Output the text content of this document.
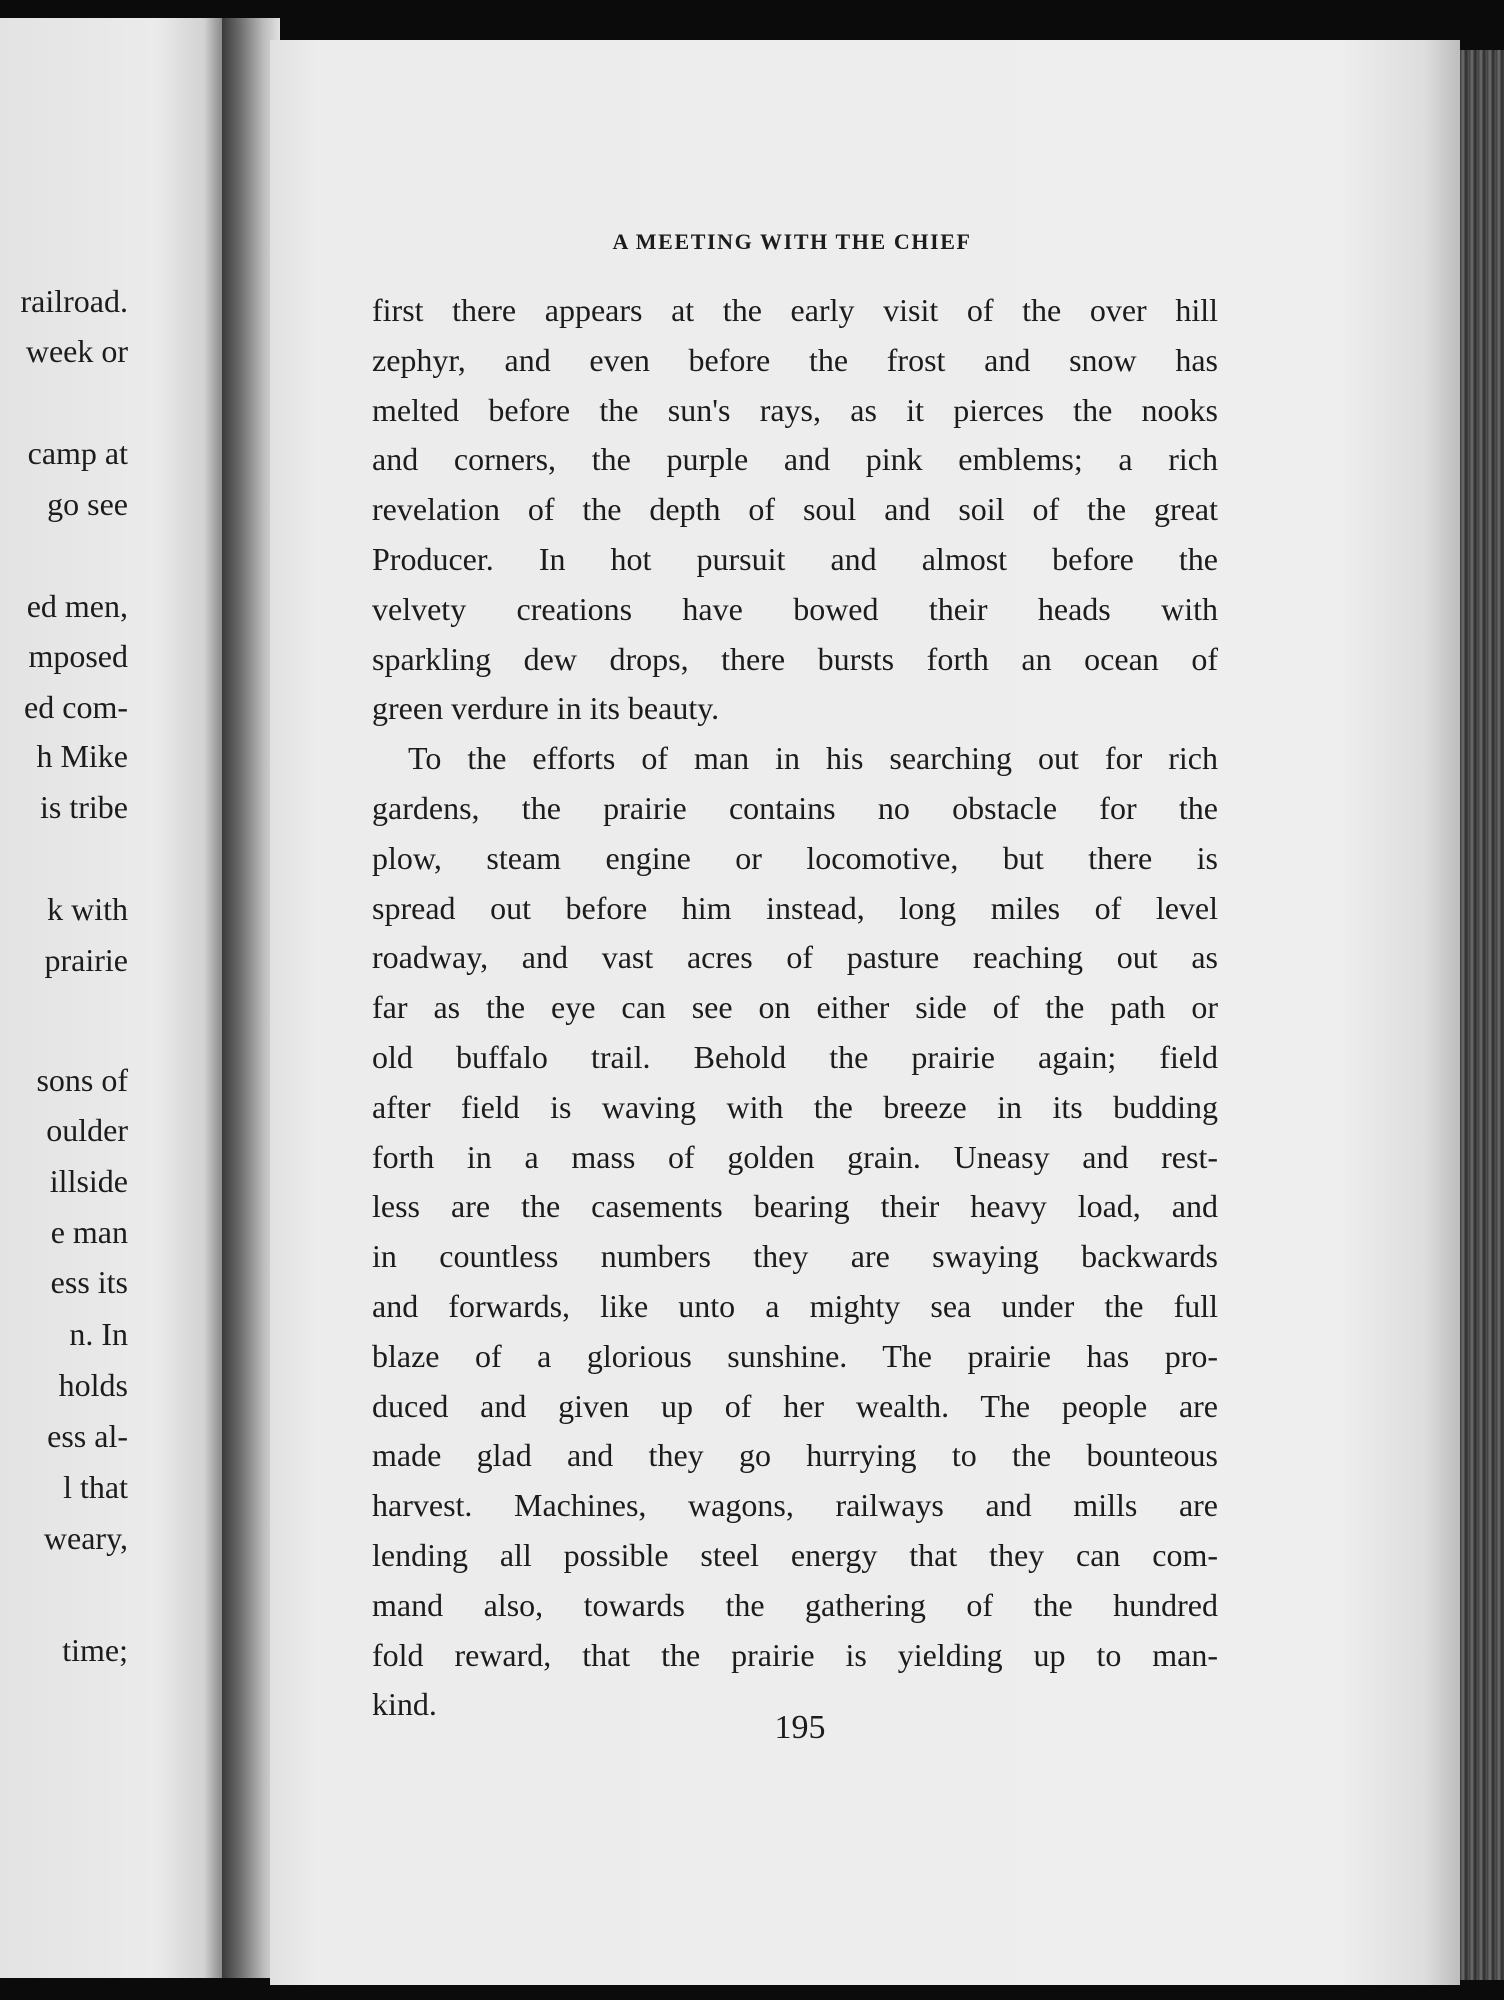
railroad.
week or
camp at
go see
ed men,
mposed
ed com-
h Mike
is tribe
k with
prairie
sons of
oulder
illside
e man
ess its
n. In
holds
ess al-
l that
weary,
time;
A MEETING WITH THE CHIEF
first there appears at the early visit of the over hill
zephyr, and even before the frost and snow has
melted before the sun's rays, as it pierces the nooks
and corners, the purple and pink emblems; a rich
revelation of the depth of soul and soil of the great
Producer. In hot pursuit and almost before the
velvety creations have bowed their heads with
sparkling dew drops, there bursts forth an ocean of
green verdure in its beauty.
To the efforts of man in his searching out for rich
gardens, the prairie contains no obstacle for the
plow, steam engine or locomotive, but there is
spread out before him instead, long miles of level
roadway, and vast acres of pasture reaching out as
far as the eye can see on either side of the path or
old buffalo trail. Behold the prairie again; field
after field is waving with the breeze in its budding
forth in a mass of golden grain. Uneasy and rest-
less are the casements bearing their heavy load, and
in countless numbers they are swaying backwards
and forwards, like unto a mighty sea under the full
blaze of a glorious sunshine. The prairie has pro-
duced and given up of her wealth. The people are
made glad and they go hurrying to the bounteous
harvest. Machines, wagons, railways and mills are
lending all possible steel energy that they can com-
mand also, towards the gathering of the hundred
fold reward, that the prairie is yielding up to man-
kind.
195
